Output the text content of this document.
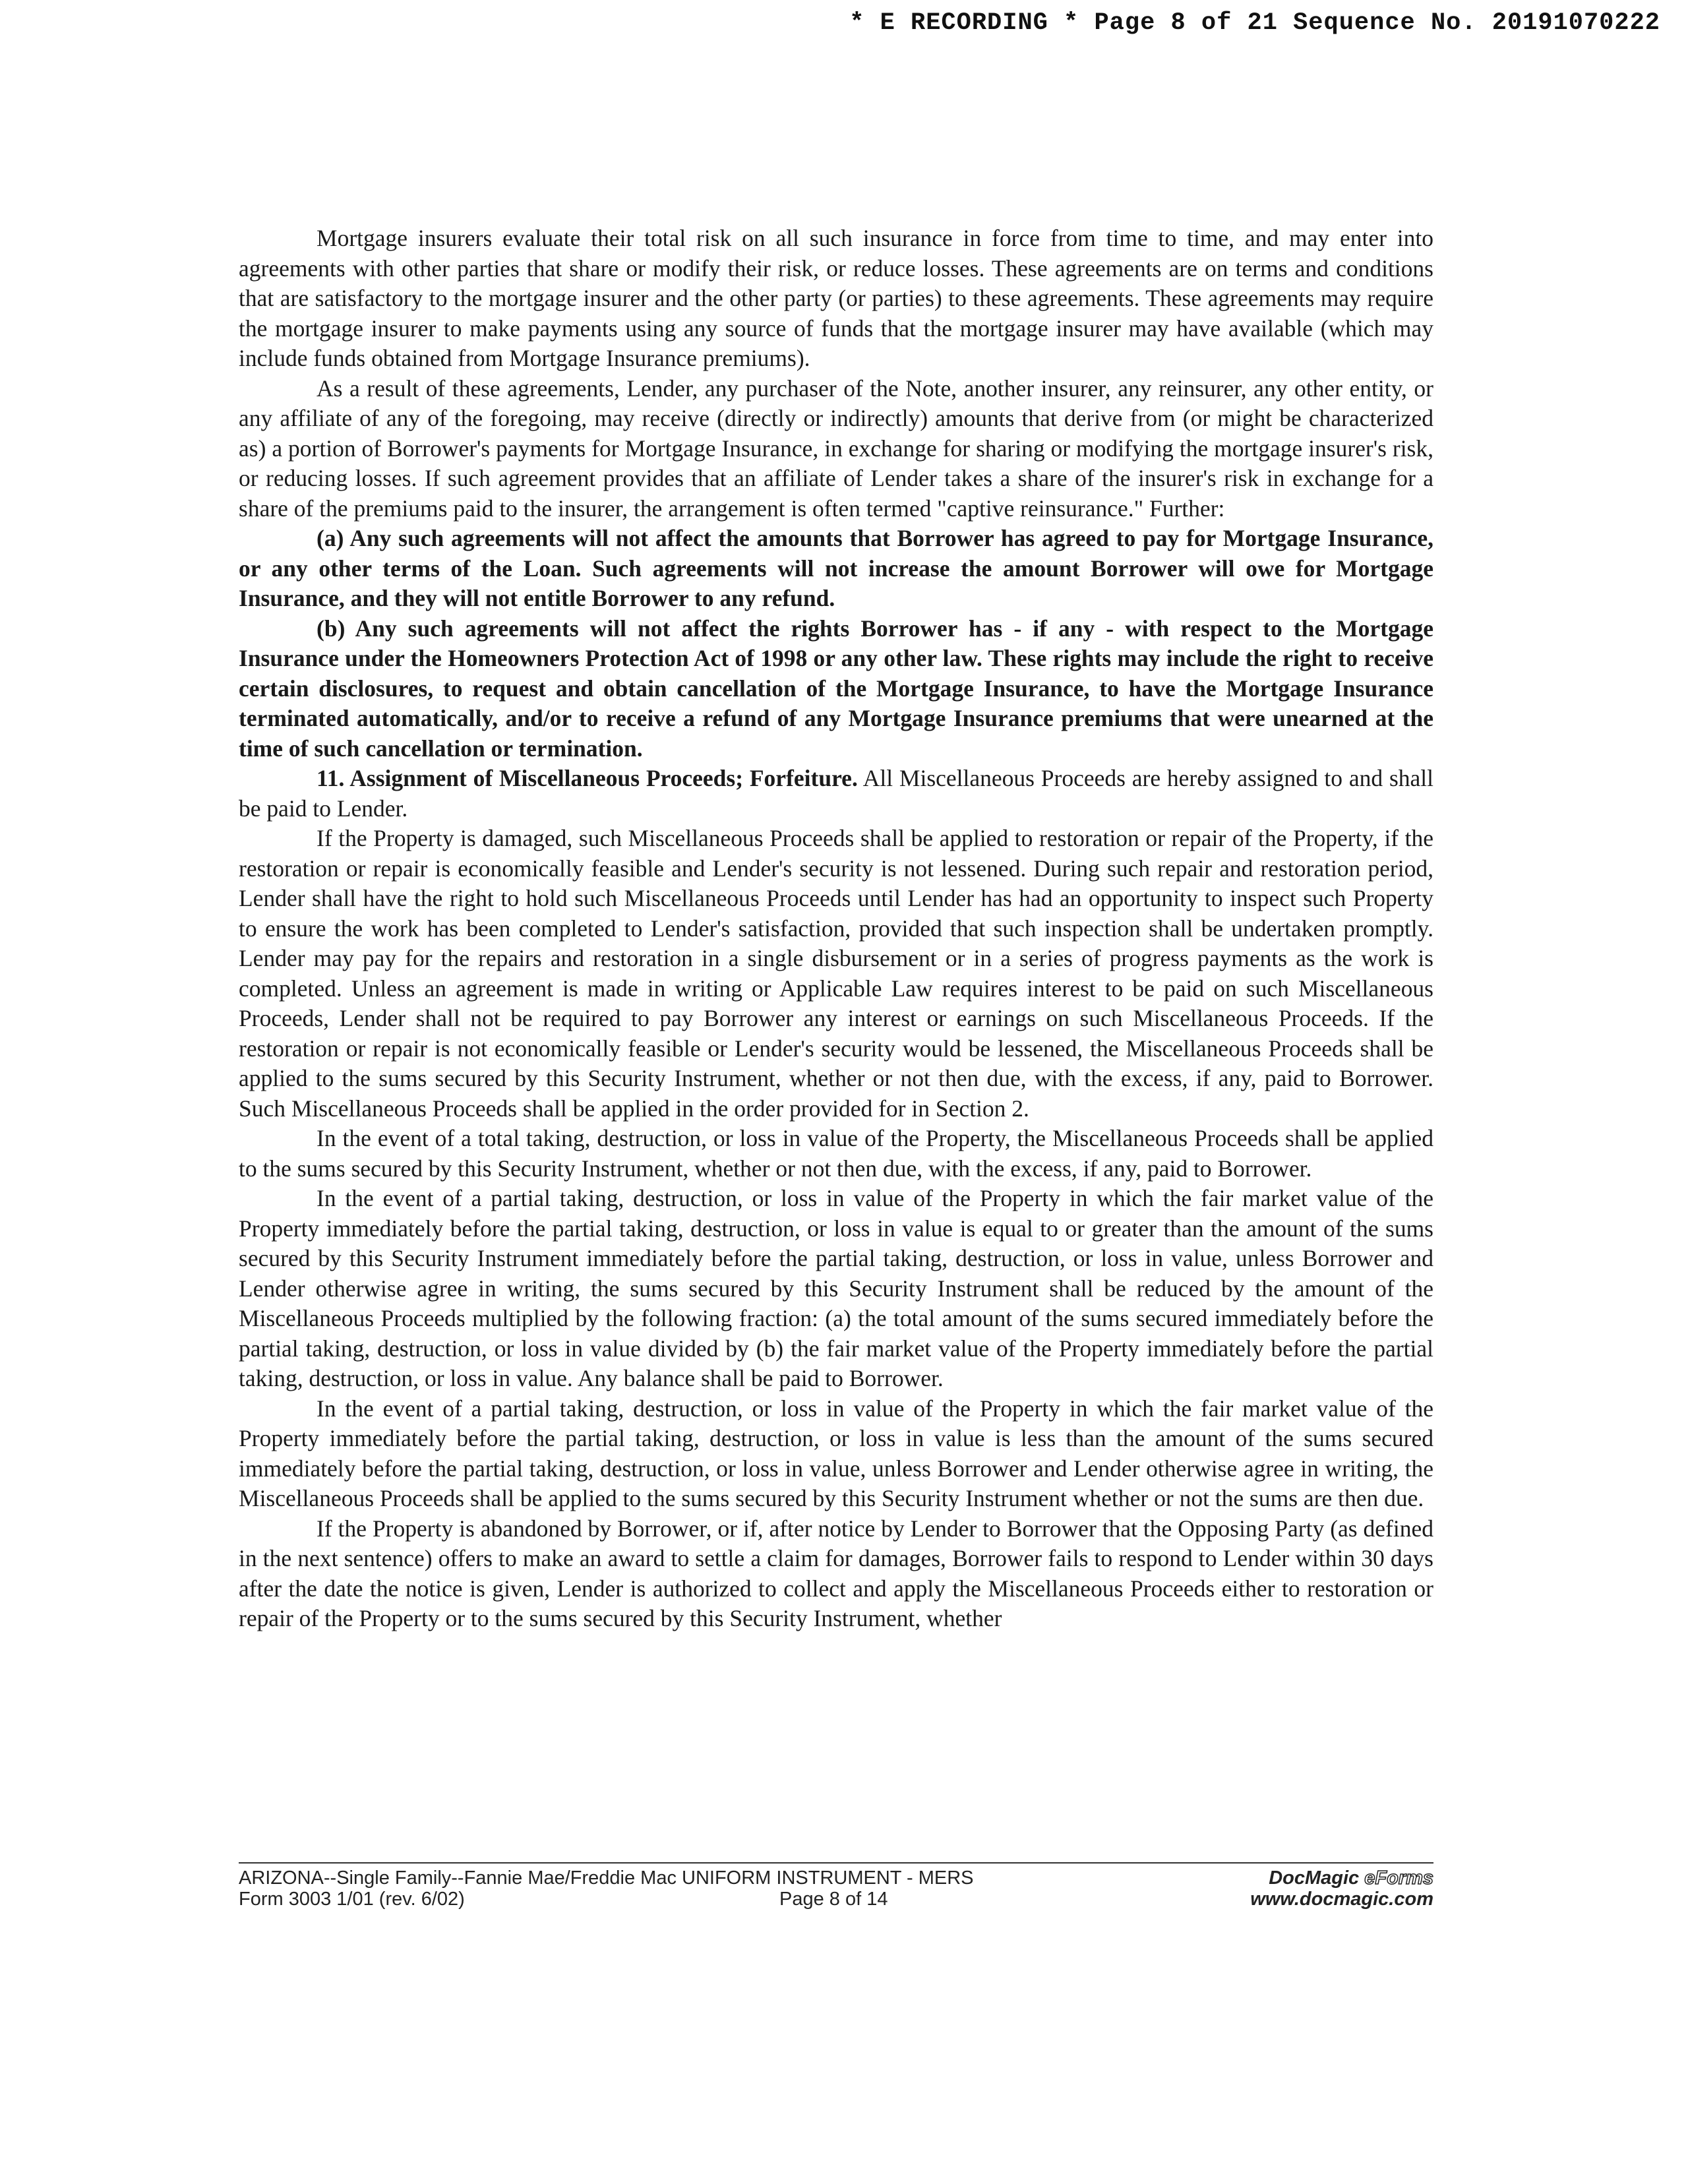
* E RECORDING * Page 8 of 21 Sequence No. 20191070222

Mortgage insurers evaluate their total risk on all such insurance in force from time to time, and may enter into agreements with other parties that share or modify their risk, or reduce losses. These agreements are on terms and conditions that are satisfactory to the mortgage insurer and the other party (or parties) to these agreements. These agreements may require the mortgage insurer to make payments using any source of funds that the mortgage insurer may have available (which may include funds obtained from Mortgage Insurance premiums).

As a result of these agreements, Lender, any purchaser of the Note, another insurer, any reinsurer, any other entity, or any affiliate of any of the foregoing, may receive (directly or indirectly) amounts that derive from (or might be characterized as) a portion of Borrower's payments for Mortgage Insurance, in exchange for sharing or modifying the mortgage insurer's risk, or reducing losses. If such agreement provides that an affiliate of Lender takes a share of the insurer's risk in exchange for a share of the premiums paid to the insurer, the arrangement is often termed "captive reinsurance." Further:

(a) Any such agreements will not affect the amounts that Borrower has agreed to pay for Mortgage Insurance, or any other terms of the Loan. Such agreements will not increase the amount Borrower will owe for Mortgage Insurance, and they will not entitle Borrower to any refund.

(b) Any such agreements will not affect the rights Borrower has - if any - with respect to the Mortgage Insurance under the Homeowners Protection Act of 1998 or any other law. These rights may include the right to receive certain disclosures, to request and obtain cancellation of the Mortgage Insurance, to have the Mortgage Insurance terminated automatically, and/or to receive a refund of any Mortgage Insurance premiums that were unearned at the time of such cancellation or termination.

11. Assignment of Miscellaneous Proceeds; Forfeiture. All Miscellaneous Proceeds are hereby assigned to and shall be paid to Lender.

If the Property is damaged, such Miscellaneous Proceeds shall be applied to restoration or repair of the Property, if the restoration or repair is economically feasible and Lender's security is not lessened. During such repair and restoration period, Lender shall have the right to hold such Miscellaneous Proceeds until Lender has had an opportunity to inspect such Property to ensure the work has been completed to Lender's satisfaction, provided that such inspection shall be undertaken promptly. Lender may pay for the repairs and restoration in a single disbursement or in a series of progress payments as the work is completed. Unless an agreement is made in writing or Applicable Law requires interest to be paid on such Miscellaneous Proceeds, Lender shall not be required to pay Borrower any interest or earnings on such Miscellaneous Proceeds. If the restoration or repair is not economically feasible or Lender's security would be lessened, the Miscellaneous Proceeds shall be applied to the sums secured by this Security Instrument, whether or not then due, with the excess, if any, paid to Borrower. Such Miscellaneous Proceeds shall be applied in the order provided for in Section 2.

In the event of a total taking, destruction, or loss in value of the Property, the Miscellaneous Proceeds shall be applied to the sums secured by this Security Instrument, whether or not then due, with the excess, if any, paid to Borrower.

In the event of a partial taking, destruction, or loss in value of the Property in which the fair market value of the Property immediately before the partial taking, destruction, or loss in value is equal to or greater than the amount of the sums secured by this Security Instrument immediately before the partial taking, destruction, or loss in value, unless Borrower and Lender otherwise agree in writing, the sums secured by this Security Instrument shall be reduced by the amount of the Miscellaneous Proceeds multiplied by the following fraction: (a) the total amount of the sums secured immediately before the partial taking, destruction, or loss in value divided by (b) the fair market value of the Property immediately before the partial taking, destruction, or loss in value. Any balance shall be paid to Borrower.

In the event of a partial taking, destruction, or loss in value of the Property in which the fair market value of the Property immediately before the partial taking, destruction, or loss in value is less than the amount of the sums secured immediately before the partial taking, destruction, or loss in value, unless Borrower and Lender otherwise agree in writing, the Miscellaneous Proceeds shall be applied to the sums secured by this Security Instrument whether or not the sums are then due.

If the Property is abandoned by Borrower, or if, after notice by Lender to Borrower that the Opposing Party (as defined in the next sentence) offers to make an award to settle a claim for damages, Borrower fails to respond to Lender within 30 days after the date the notice is given, Lender is authorized to collect and apply the Miscellaneous Proceeds either to restoration or repair of the Property or to the sums secured by this Security Instrument, whether

ARIZONA--Single Family--Fannie Mae/Freddie Mac UNIFORM INSTRUMENT - MERS
Form 3003 1/01 (rev. 6/02)	Page 8 of 14
DocMagic eForms
www.docmagic.com
